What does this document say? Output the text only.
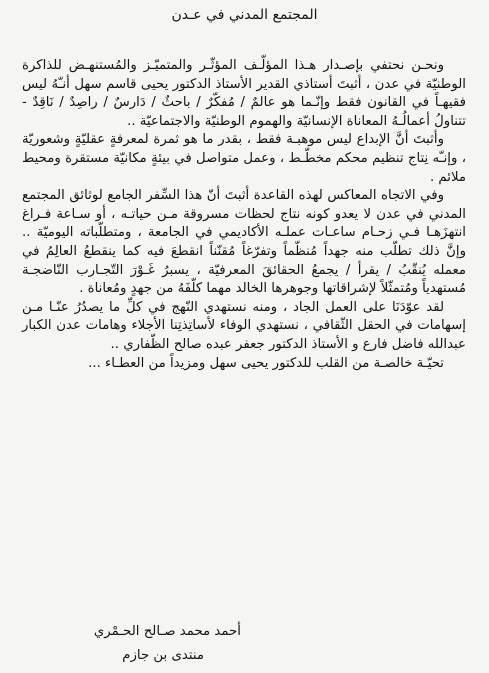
المجتمع المدني في عـدن

ونحـن نحتفي بإصـدار هـذا المؤلّـف المؤثّـر والمتميّـز والمُستنهـض للذاكرة الوطنيّة في عدن ، أثبتَ أستاذي القدير الأستاذ الدكتور يحيى قاسم سهل أنـّهُ ليس فقيهـاً في القانون فقط وإنّـما هو عالمٌ / مُفكّرٌ / باحثٌ / دَارسٌ / راصِدٌ / نَاقِدٌ - تتناولُ أعمالُـهُ المعاناة الإنسانيّة والهموم الوطنيّة والاجتماعيّة ..

وأثبتَ أنَّ الإبداع ليس موهبـة فقط ، بقدر ما هو ثمرة لمعرفةٍ عقليّةٍ وشعوريّة ، وإنـّه نِتاج تنظيم محكم مخطّـط ، وعمل متواصل في بيئةٍ مكانيّة مستقرة ومحيط ملائم .

وفي الاتجاه المعاكس لهذه القاعدة أثبتَ أنّ هذا السِّفر الجامع لوثائق المجتمع المدني في عدن لا يعدو كونه نتاج لحظات مسروقة مـن حياتـه ، أو سـاعة فـراغ انتهزَهـا فـي زحـام ساعـات عملـه الأكاديمي في الجامعة ، ومتطلّباته اليوميّة .. وإنَّ ذلك تطلّب منه جهداً مُنظّماً وتفرّغاً مُقنّناً انقطعَ فيه كما ينقطعُ العالِمُ في معمله يُنقّبُ / يقرأ / يجمعُ الحقائقَ المعرفيّة ، يسبرُ غَـوْرَ التّجـارب النّاضجـة مُستهدياً ومُتمثّلاً لإشراقاتها وجوهرها الخالد مهما كلّفَهُ من جهدٍ ومُعاناة .

لقد عوّدَنَا على العمل الجاد ، ومنه نستهدي النّهج في كلِّ ما يصدُرُ عنّـا مـن إسهامات في الحقل الثّقافي ، نستهدي الوفاء لأساتِذتِنا الأجلاء وهامات عدن الكبار عبدالله فاضل فارع و الأستاذ الدكتور جعفر عبده صالح الظّفاري ..

تحيّـة خالصـة من القلب للدكتور يحيى سهل ومزيداً من العطـاء ...

أحمد محمد صـالح الحـمْري
منتدى بن جازم
